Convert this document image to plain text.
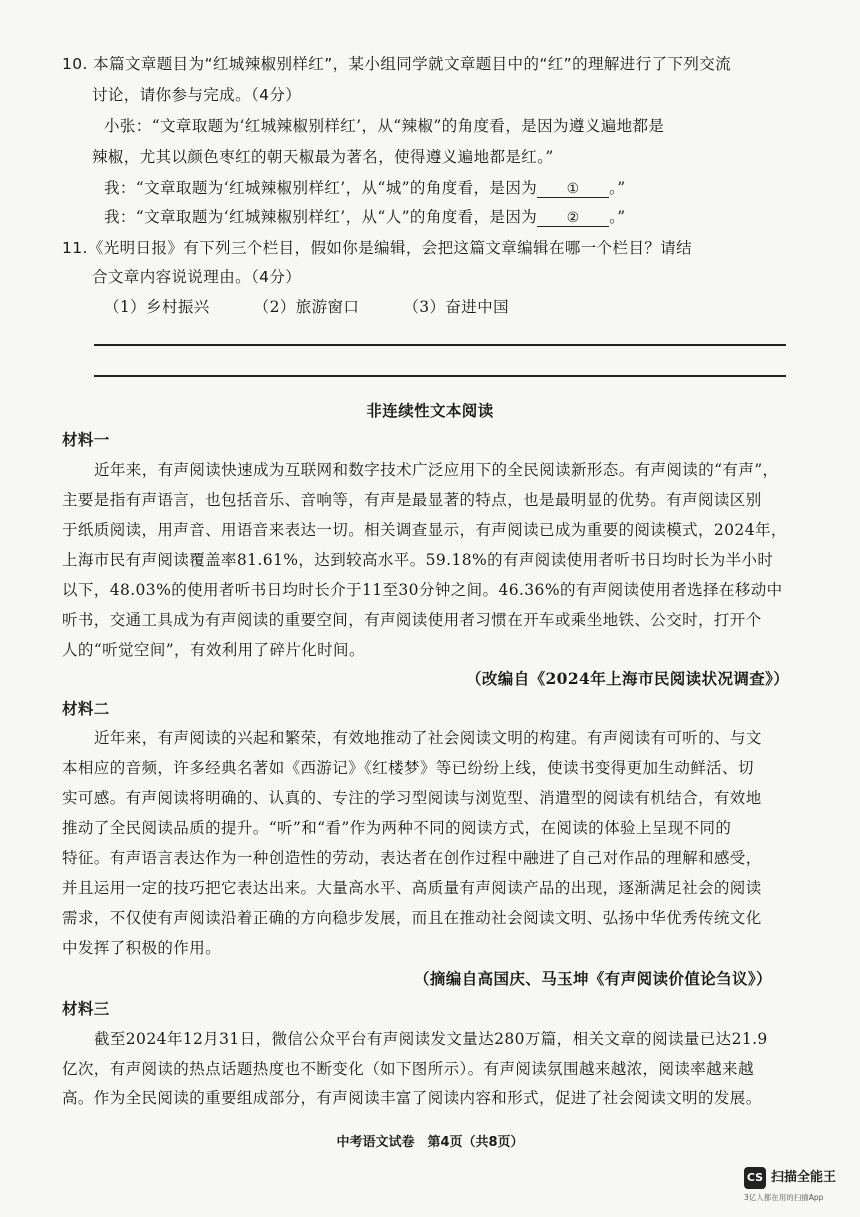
10. 本篇文章题目为“红城辣椒别样红”，某小组同学就文章题目中的“红”的理解进行了下列交流
讨论，请你参与完成。（4分）
小张：“文章取题为‘红城辣椒别样红’，从“辣椒”的角度看，是因为遵义遍地都是
辣椒，尤其以颜色枣红的朝天椒最为著名，使得遵义遍地都是红。”
我：“文章取题为‘红城辣椒别样红’，从“城”的角度看，是因为 ① 。”
我：“文章取题为‘红城辣椒别样红’，从“人”的角度看，是因为 ② 。”
11.《光明日报》有下列三个栏目，假如你是编辑，会把这篇文章编辑在哪一个栏目？请结
合文章内容说说理由。（4分）
（1）乡村振兴	（2）旅游窗口	（3）奋进中国
非连续性文本阅读
材料一
近年来，有声阅读快速成为互联网和数字技术广泛应用下的全民阅读新形态。有声阅读的“有声”，
主要是指有声语言，也包括音乐、音响等，有声是最显著的特点，也是最明显的优势。有声阅读区别
于纸质阅读，用声音、用语音来表达一切。相关调查显示，有声阅读已成为重要的阅读模式，2024年，
上海市民有声阅读覆盖率81.61%，达到较高水平。59.18%的有声阅读使用者听书日均时长为半小时
以下，48.03%的使用者听书日均时长介于11至30分钟之间。46.36%的有声阅读使用者选择在移动中
听书，交通工具成为有声阅读的重要空间，有声阅读使用者习惯在开车或乘坐地铁、公交时，打开个
人的“听觉空间”，有效利用了碎片化时间。
（改编自《2024年上海市民阅读状况调查》）
材料二
近年来，有声阅读的兴起和繁荣，有效地推动了社会阅读文明的构建。有声阅读有可听的、与文
本相应的音频，许多经典名著如《西游记》《红楼梦》等已纷纷上线，使读书变得更加生动鲜活、切
实可感。有声阅读将明确的、认真的、专注的学习型阅读与浏览型、消遣型的阅读有机结合，有效地
推动了全民阅读品质的提升。“听”和“看”作为两种不同的阅读方式，在阅读的体验上呈现不同的
特征。有声语言表达作为一种创造性的劳动，表达者在创作过程中融进了自己对作品的理解和感受，
并且运用一定的技巧把它表达出来。大量高水平、高质量有声阅读产品的出现，逐渐满足社会的阅读
需求，不仅使有声阅读沿着正确的方向稳步发展，而且在推动社会阅读文明、弘扬中华优秀传统文化
中发挥了积极的作用。
（摘编自高国庆、马玉坤《有声阅读价值论刍议》）
材料三
截至2024年12月31日，微信公众平台有声阅读发文量达280万篇，相关文章的阅读量已达21.9
亿次，有声阅读的热点话题热度也不断变化（如下图所示）。有声阅读氛围越来越浓，阅读率越来越
高。作为全民阅读的重要组成部分，有声阅读丰富了阅读内容和形式，促进了社会阅读文明的发展。
中考语文试卷　第4页（共8页）
CS 扫描全能王
3亿人都在用的扫描App
